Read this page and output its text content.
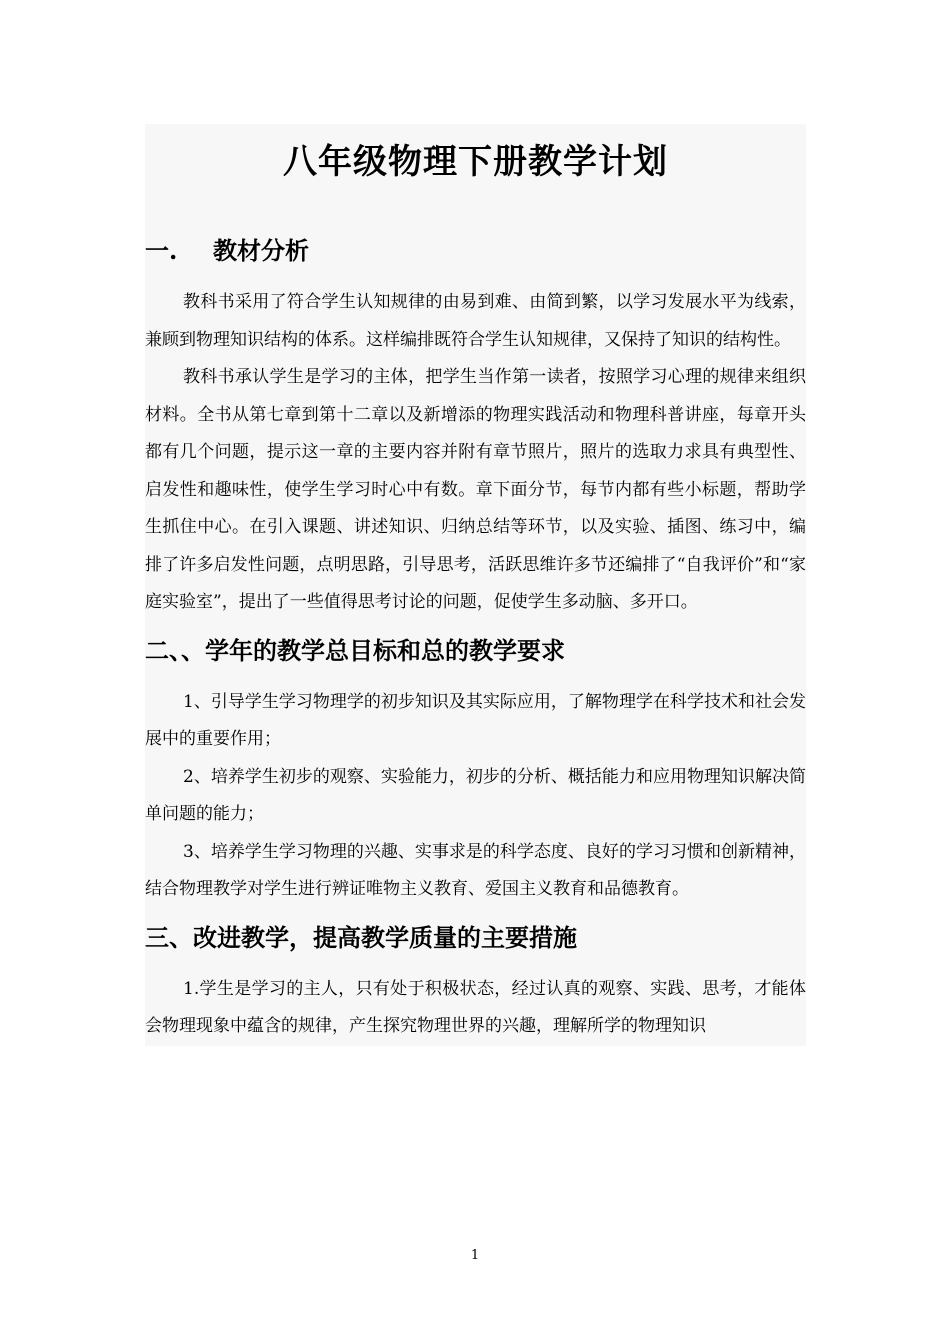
八年级物理下册教学计划
一. 教材分析

教科书采用了符合学生认知规律的由易到难、由简到繁，以学习发展水平为线索，兼顾到物理知识结构的体系。这样编排既符合学生认知规律，又保持了知识的结构性。

教科书承认学生是学习的主体，把学生当作第一读者，按照学习心理的规律来组织材料。全书从第七章到第十二章以及新增添的物理实践活动和物理科普讲座，每章开头都有几个问题，提示这一章的主要内容并附有章节照片，照片的选取力求具有典型性、启发性和趣味性，使学生学习时心中有数。章下面分节，每节内都有些小标题，帮助学生抓住中心。在引入课题、讲述知识、归纳总结等环节，以及实验、插图、练习中，编排了许多启发性问题，点明思路，引导思考，活跃思维许多节还编排了“自我评价”和“家庭实验室”，提出了一些值得思考讨论的问题，促使学生多动脑、多开口。

二、、学年的教学总目标和总的教学要求

1、引导学生学习物理学的初步知识及其实际应用，了解物理学在科学技术和社会发展中的重要作用；

2、培养学生初步的观察、实验能力，初步的分析、概括能力和应用物理知识解决简单问题的能力；

3、培养学生学习物理的兴趣、实事求是的科学态度、良好的学习习惯和创新精神，结合物理教学对学生进行辨证唯物主义教育、爱国主义教育和品德教育。

三、改进教学，提高教学质量的主要措施

1.学生是学习的主人，只有处于积极状态，经过认真的观察、实践、思考，才能体会物理现象中蕴含的规律，产生探究物理世界的兴趣，理解所学的物理知识

1
